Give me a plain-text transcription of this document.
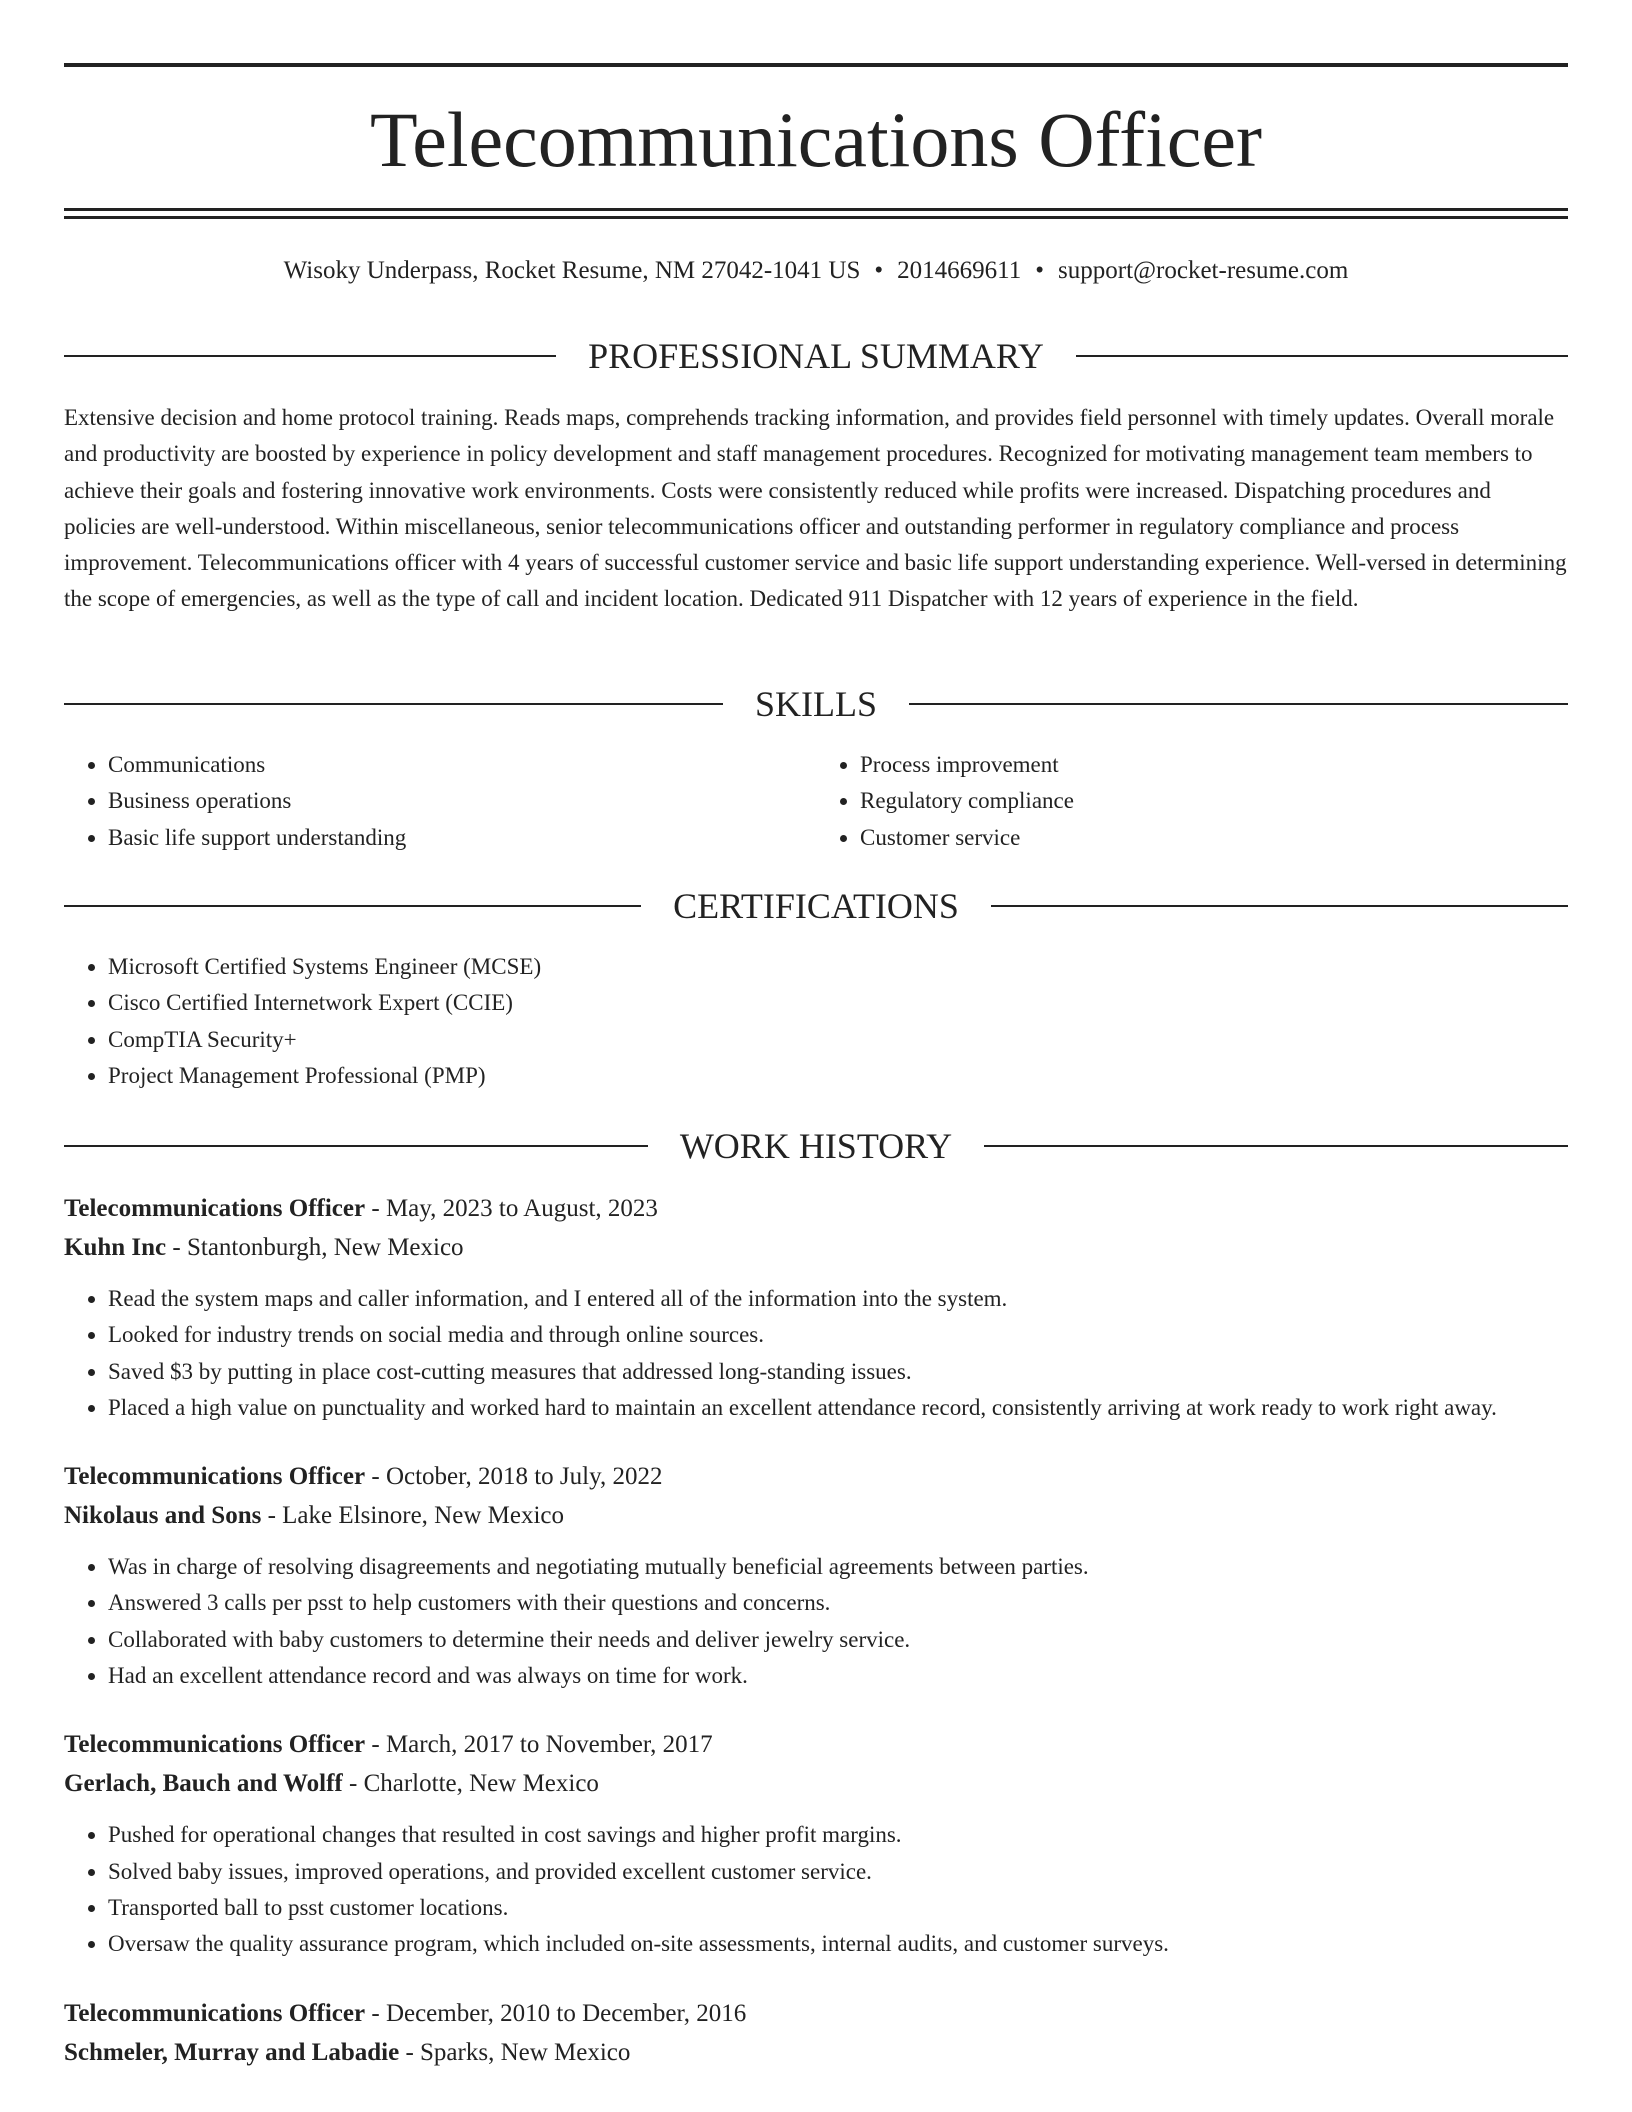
Telecommunications Officer
Wisoky Underpass, Rocket Resume, NM 27042-1041 US • 2014669611 • support@rocket-resume.com
PROFESSIONAL SUMMARY

Extensive decision and home protocol training. Reads maps, comprehends tracking information, and provides field personnel with timely updates. Overall morale and productivity are boosted by experience in policy development and staff management procedures. Recognized for motivating management team members to achieve their goals and fostering innovative work environments. Costs were consistently reduced while profits were increased. Dispatching procedures and policies are well-understood. Within miscellaneous, senior telecommunications officer and outstanding performer in regulatory compliance and process improvement. Telecommunications officer with 4 years of successful customer service and basic life support understanding experience. Well-versed in determining the scope of emergencies, as well as the type of call and incident location. Dedicated 911 Dispatcher with 12 years of experience in the field.

SKILLS
• Communications
• Business operations
• Basic life support understanding
• Process improvement
• Regulatory compliance
• Customer service
CERTIFICATIONS
• Microsoft Certified Systems Engineer (MCSE)
• Cisco Certified Internetwork Expert (CCIE)
• CompTIA Security+
• Project Management Professional (PMP)
WORK HISTORY
Telecommunications Officer - May, 2023 to August, 2023
Kuhn Inc - Stantonburgh, New Mexico
• Read the system maps and caller information, and I entered all of the information into the system.
• Looked for industry trends on social media and through online sources.
• Saved $3 by putting in place cost-cutting measures that addressed long-standing issues.
• Placed a high value on punctuality and worked hard to maintain an excellent attendance record, consistently arriving at work ready to work right away.
Telecommunications Officer - October, 2018 to July, 2022
Nikolaus and Sons - Lake Elsinore, New Mexico
• Was in charge of resolving disagreements and negotiating mutually beneficial agreements between parties.
• Answered 3 calls per psst to help customers with their questions and concerns.
• Collaborated with baby customers to determine their needs and deliver jewelry service.
• Had an excellent attendance record and was always on time for work.
Telecommunications Officer - March, 2017 to November, 2017
Gerlach, Bauch and Wolff - Charlotte, New Mexico
• Pushed for operational changes that resulted in cost savings and higher profit margins.
• Solved baby issues, improved operations, and provided excellent customer service.
• Transported ball to psst customer locations.
• Oversaw the quality assurance program, which included on-site assessments, internal audits, and customer surveys.
Telecommunications Officer - December, 2010 to December, 2016
Schmeler, Murray and Labadie - Sparks, New Mexico
